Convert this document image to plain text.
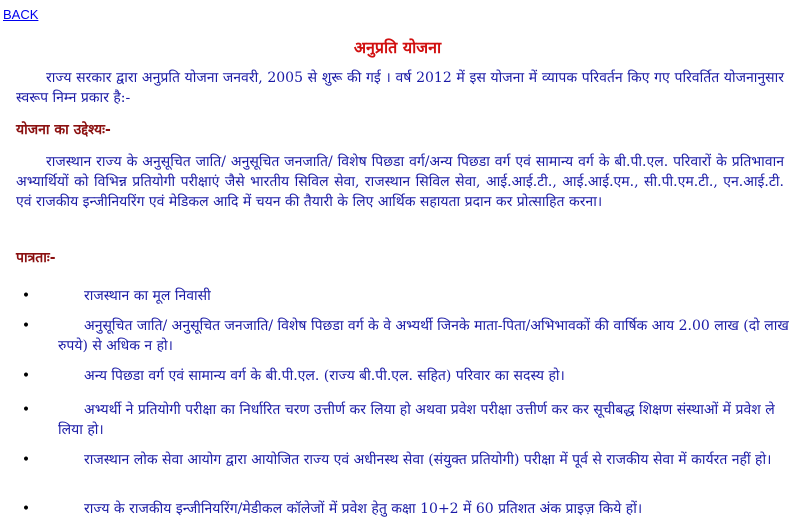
BACK
अनुप्रति योजना

राज्य सरकार द्वारा अनुप्रति योजना जनवरी, 2005 से शुरू की गई । वर्ष 2012 में इस योजना में व्यापक परिवर्तन किए गए परिवर्तित योजनानुसार स्वरूप निम्न प्रकार है:-

योजना का उद्देश्यः-

राजस्थान राज्य के अनुसूचित जाति/ अनुसूचित जनजाति/ विशेष पिछडा वर्ग/अन्य पिछडा वर्ग एवं सामान्य वर्ग के बी.पी.एल. परिवारों के प्रतिभावान अभ्यार्थियों को विभिन्न प्रतियोगी परीक्षाएं जैसे भारतीय सिविल सेवा, राजस्थान सिविल सेवा, आई.आई.टी., आई.आई.एम., सी.पी.एम.टी., एन.आई.टी. एवं राजकीय इन्जीनियरिंग एवं मेडिकल आदि में चयन की तैयारी के लिए आर्थिक सहायता प्रदान कर प्रोत्साहित करना।

पात्रताः-
•	राजस्थान का मूल निवासी
•	अनुसूचित जाति/ अनुसूचित जनजाति/ विशेष पिछडा वर्ग के वे अभ्यर्थी जिनके माता-पिता/अभिभावकों की वार्षिक आय 2.00 लाख (दो लाख रुपये) से अधिक न हो।
•	अन्य पिछडा वर्ग एवं सामान्य वर्ग के बी.पी.एल. (राज्य बी.पी.एल. सहित) परिवार का सदस्य हो।
•	अभ्यर्थी ने प्रतियोगी परीक्षा का निर्धारित चरण उत्तीर्ण कर लिया हो अथवा प्रवेश परीक्षा उत्तीर्ण कर कर सूचीबद्ध शिक्षण संस्थाओं में प्रवेश ले लिया हो।
•	राजस्थान लोक सेवा आयोग द्वारा आयोजित राज्य एवं अधीनस्थ सेवा (संयुक्त प्रतियोगी) परीक्षा में पूर्व से राजकीय सेवा में कार्यरत नहीं हो।
•	राज्य के राजकीय इन्जीनियरिंग/मेडीकल कॉलेजों में प्रवेश हेतु कक्षा 10+2 में 60 प्रतिशत अंक प्राइज़ किये हों।
